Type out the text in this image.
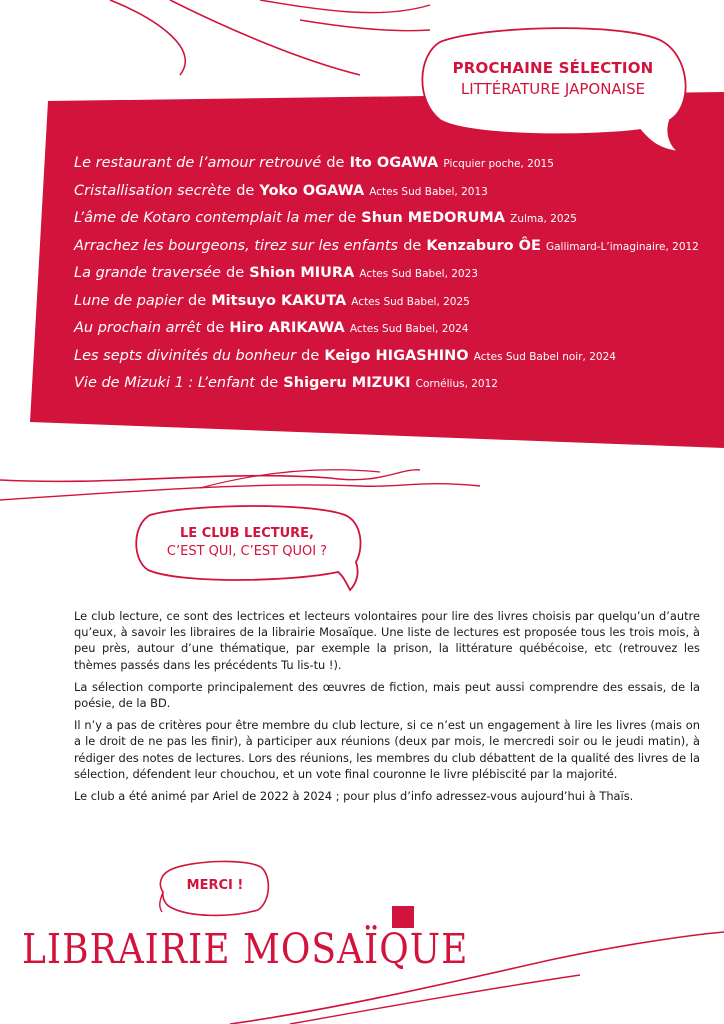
PROCHAINE SÉLECTION
LITTÉRATURE JAPONAISE
Le restaurant de l’amour retrouvé de Ito OGAWA Picquier poche, 2015
Cristallisation secrète de Yoko OGAWA Actes Sud Babel, 2013
L’âme de Kotaro contemplait la mer de Shun MEDORUMA Zulma, 2025
Arrachez les bourgeons, tirez sur les enfants de Kenzaburo ÔE Gallimard-L’imaginaire, 2012
La grande traversée de Shion MIURA Actes Sud Babel, 2023
Lune de papier de Mitsuyo KAKUTA Actes Sud Babel, 2025
Au prochain arrêt de Hiro ARIKAWA Actes Sud Babel, 2024
Les septs divinités du bonheur de Keigo HIGASHINO Actes Sud Babel noir, 2024
Vie de Mizuki 1 : L’enfant de Shigeru MIZUKI Cornélius, 2012
LE CLUB LECTURE,
C’EST QUI, C’EST QUOI ?

Le club lecture, ce sont des lectrices et lecteurs volontaires pour lire des livres choisis par quelqu’un d’autre qu’eux, à savoir les libraires de la librairie Mosaïque. Une liste de lectures est proposée tous les trois mois, à peu près, autour d’une thématique, par exemple la prison, la littérature québécoise, etc (retrouvez les thèmes passés dans les précédents Tu lis-tu !).

La sélection comporte principalement des œuvres de fiction, mais peut aussi comprendre des essais, de la poésie, de la BD.

Il n’y a pas de critères pour être membre du club lecture, si ce n’est un engagement à lire les livres (mais on a le droit de ne pas les finir), à participer aux réunions (deux par mois, le mercredi soir ou le jeudi matin), à rédiger des notes de lectures. Lors des réunions, les membres du club débattent de la qualité des livres de la sélection, défendent leur chouchou, et un vote final couronne le livre plébiscité par la majorité.

Le club a été animé par Ariel de 2022 à 2024 ; pour plus d’info adressez-vous aujourd’hui à Thaïs.

MERCI !
LIBRAIRIE MOSAÏQUE
